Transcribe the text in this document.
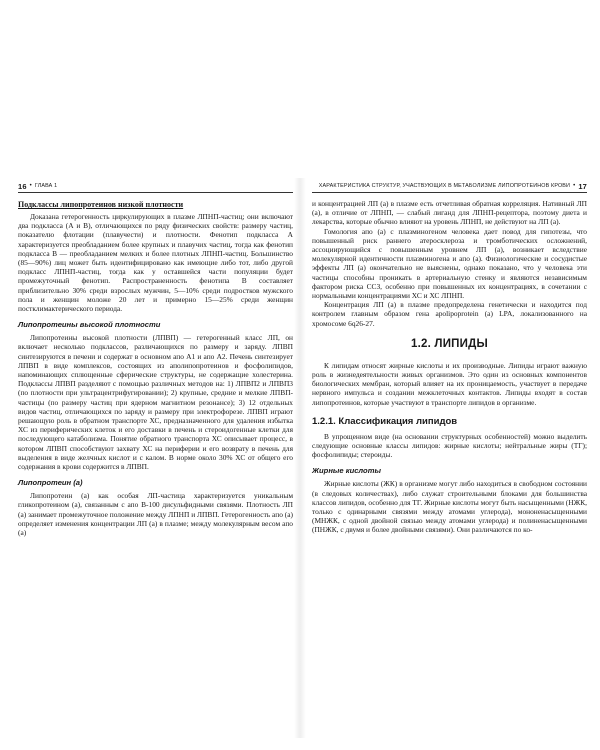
16 • ГЛАВА 1
Подклассы липопротеинов низкой плотности

Доказана гетерогенность циркулирующих в плазме ЛПНП-частиц; они включают два подкласса (А и В), отличающихся по ряду физических свойств: размеру частиц, показателю флотации (плавучести) и плотности. Фенотип подкласса А характеризуется преобладанием более крупных и плавучих частиц, тогда как фенотип подкласса В — преобладанием мелких и более плотных ЛПНП-частиц. Большинство (85—90%) лиц может быть идентифицировано как имеющие либо тот, либо другой подкласс ЛПНП-частиц, тогда как у оставшейся части популяции будет промежуточный фенотип. Распространенность фенотипа В составляет приблизительно 30% среди взрослых мужчин, 5—10% среди подростков мужского пола и женщин моложе 20 лет и примерно 15—25% среди женщин постклимактерического периода.

Липопротеины высокой плотности

Липопротеины высокой плотности (ЛПВП) — гетерогенный класс ЛП, он включает несколько подклассов, различающихся по размеру и заряду. ЛПВП синтезируются в печени и содержат в основном апо А1 и апо А2. Печень синтезирует ЛПВП в виде комплексов, состоящих из аполипопротеинов и фосфолипидов, напоминающих сплющенные сферические структуры, не содержащие холестерина. Подклассы ЛПВП разделяют с помощью различных методов на: 1) ЛПВП2 и ЛПВП3 (по плотности при ультрацентрифугировании); 2) крупные, средние и мелкие ЛПВП-частицы (по размеру частиц при ядерном магнитном резонансе); 3) 12 отдельных видов частиц, отличающихся по заряду и размеру при электрофорезе. ЛПВП играют решающую роль в обратном транспорте ХС, предназначенного для удаления избытка ХС из периферических клеток и его доставки в печень и стероидогенные клетки для последующего катаболизма. Понятие обратного транспорта ХС описывает процесс, в котором ЛПВП способствуют захвату ХС на периферии и его возврату в печень для выделения в виде желчных кислот и с калом. В норме около 30% ХС от общего его содержания в крови содержится в ЛПВП.

Липопротеин (а)

Липопротеин (а) как особая ЛП-частица характеризуется уникальным гликопротеином (а), связанным с апо В-100 дисульфидными связями. Плотность ЛП (а) занимает промежуточное положение между ЛПНП и ЛПВП. Гетерогенность апо (а) определяет изменения концентрации ЛП (а) в плазме; между молекулярным весом апо (а)

ХАРАКТЕРИСТИКА СТРУКТУР, УЧАСТВУЮЩИХ В МЕТАБОЛИЗМЕ ЛИПОПРОТЕИНОВ КРОВИ • 17

и концентрацией ЛП (а) в плазме есть отчетливая обратная корреляция. Нативный ЛП (а), в отличие от ЛПНП, — слабый лиганд для ЛПНП-рецептора, поэтому диета и лекарства, которые обычно влияют на уровень ЛПНП, не действуют на ЛП (а).

Гомология апо (а) с плазминогеном человека дает повод для гипотезы, что повышенный риск раннего атеросклероза и тромботических осложнений, ассоциирующийся с повышенным уровнем ЛП (а), возникает вследствие молекулярной идентичности плазминогена и апо (а). Физиологические и сосудистые эффекты ЛП (а) окончательно не выяснены, однако показано, что у человека эти частицы способны проникать в артериальную стенку и являются независимым фактором риска ССЗ, особенно при повышенных их концентрациях, в сочетании с нормальными концентрациями ХС и ХС ЛПНП.

Концентрация ЛП (а) в плазме предопределена генетически и находится под контролем главным образом гена apolipoprotein (a) LPA, локализованного на хромосоме 6q26-27.

1.2. ЛИПИДЫ

К липидам относят жирные кислоты и их производные. Липиды играют важную роль в жизнедеятельности живых организмов. Это один из основных компонентов биологических мембран, который влияет на их проницаемость, участвует в передаче нервного импульса и создании межклеточных контактов. Липиды входят в состав липопротеинов, которые участвуют в транспорте липидов в организме.

1.2.1. Классификация липидов

В упрощенном виде (на основании структурных особенностей) можно выделить следующие основные классы липидов: жирные кислоты; нейтральные жиры (ТГ); фосфолипиды; стероиды.

Жирные кислоты

Жирные кислоты (ЖК) в организме могут либо находиться в свободном состоянии (в следовых количествах), либо служат строительными блоками для большинства классов липидов, особенно для ТГ. Жирные кислоты могут быть насыщенными (НЖК, только с одинарными связями между атомами углерода), мононенасыщенными (МНЖК, с одной двойной связью между атомами углерода) и полиненасыщенными (ПНЖК, с двумя и более двойными связями). Они различаются по ко-
